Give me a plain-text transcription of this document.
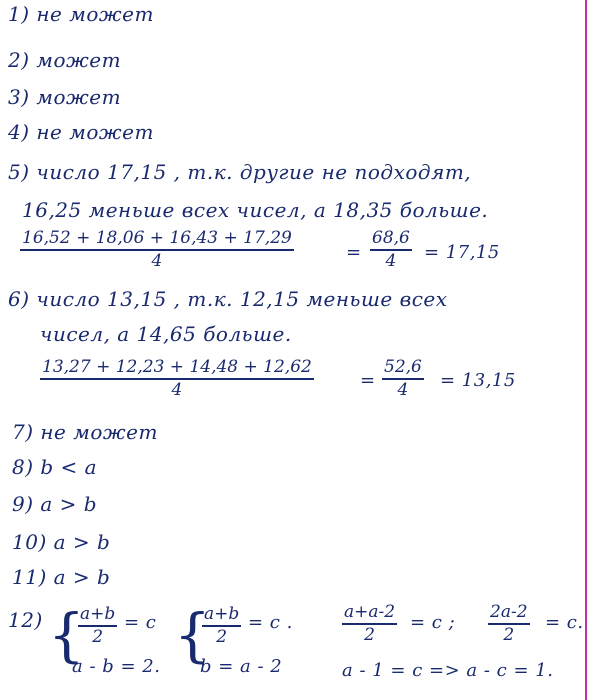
1) не может
2) может
3) может
4) не может
5) число 17,15 , т.к. другие не подходят,
16,25 меньше всех чисел, а 18,35 больше.
$\frac{16,52 + 18,06 + 16,43 + 17,29}{4}$	= $\frac{68,6}{4} = 17,15$
6) число 13,15 , т.к. 12,15 меньше всех
чисел, а 14,65 больше.
$\frac{13,27 + 12,23 + 14,48 + 12,62}{4}$	= $\frac{52,6}{4} = 13,15$
7) не может
8) b < a
9) a > b
10) a > b
11) a > b
12) {
$\frac{a+b}{2} = c$
a - b = 2. {
$\frac{a+b}{2} = c$ .
b = a - 2
$\frac{a+a-2}{2} = c$ ; $\frac{2a-2}{2} = c$.
a - 1 = c => a - c = 1.
